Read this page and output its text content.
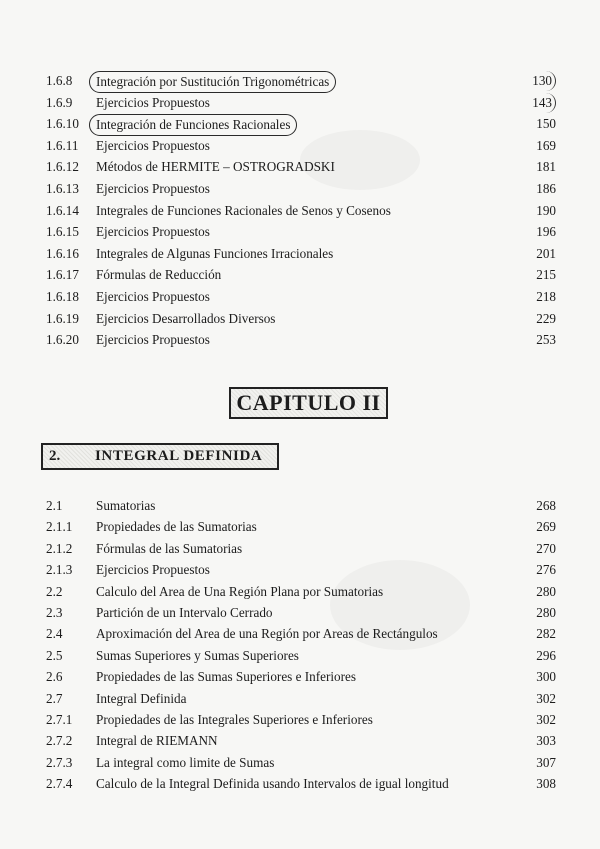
1.6.8	Integración por Sustitución Trigonométricas	130
1.6.9 Ejercicios Propuestos	143
1.6.10	Integración de Funciones Racionales	150
1.6.11 Ejercicios Propuestos	169
1.6.12 Métodos de HERMITE – OSTROGRADSKI	181
1.6.13 Ejercicios Propuestos	186
1.6.14 Integrales de Funciones Racionales de Senos y Cosenos	190
1.6.15 Ejercicios Propuestos	196
1.6.16 Integrales de Algunas Funciones Irracionales	201
1.6.17 Fórmulas de Reducción	215
1.6.18 Ejercicios Propuestos	218
1.6.19 Ejercicios Desarrollados Diversos	229
1.6.20 Ejercicios Propuestos	253
CAPITULO II
2. INTEGRAL DEFINIDA
2.1	Sumatorias	268
2.1.1 Propiedades de las Sumatorias	269
2.1.2 Fórmulas de las Sumatorias	270
2.1.3 Ejercicios Propuestos	276
2.2	Calculo del Area de Una Región Plana por Sumatorias	280
2.3	Partición de un Intervalo Cerrado	280
2.4	Aproximación del Area de una Región por Areas de Rectángulos	282
2.5	Sumas Superiores y Sumas Superiores	296
2.6	Propiedades de las Sumas Superiores e Inferiores	300
2.7	Integral Definida	302
2.7.1 Propiedades de las Integrales Superiores e Inferiores	302
2.7.2 Integral de RIEMANN	303
2.7.3 La integral como limite de Sumas	307
2.7.4 Calculo de la Integral Definida usando Intervalos de igual longitud	308
